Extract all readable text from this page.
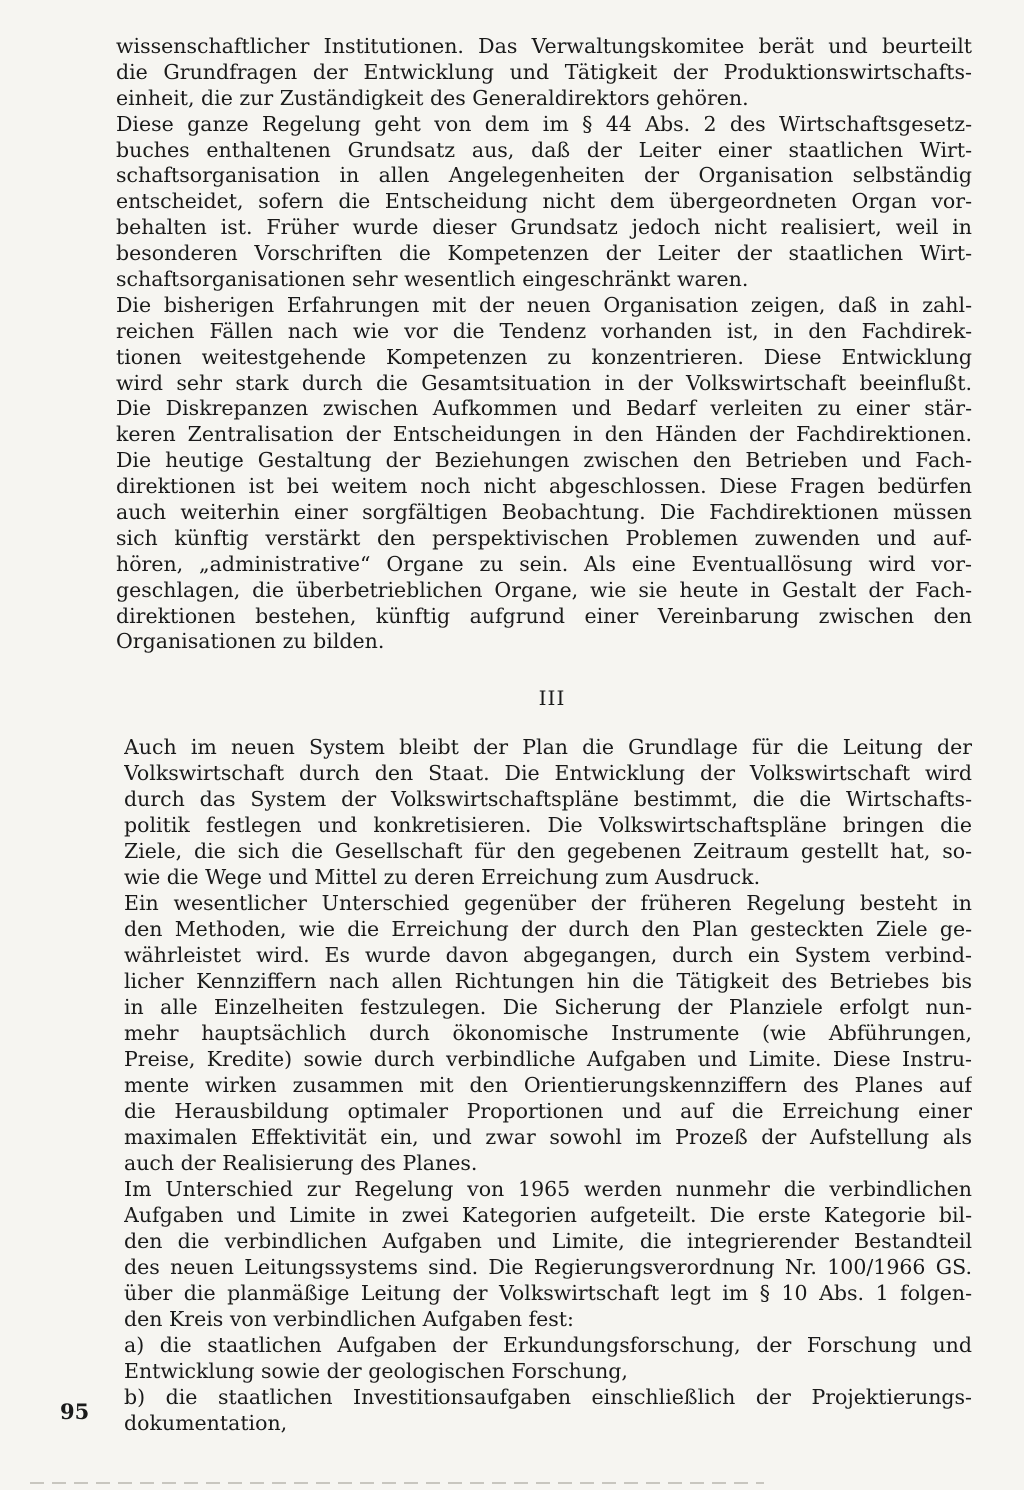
wissenschaftlicher Institutionen. Das Verwaltungskomitee berät und beurteilt
die Grundfragen der Entwicklung und Tätigkeit der Produktionswirtschafts-
einheit, die zur Zuständigkeit des Generaldirektors gehören.
Diese ganze Regelung geht von dem im § 44 Abs. 2 des Wirtschaftsgesetz-
buches enthaltenen Grundsatz aus, daß der Leiter einer staatlichen Wirt-
schaftsorganisation in allen Angelegenheiten der Organisation selbständig
entscheidet, sofern die Entscheidung nicht dem übergeordneten Organ vor-
behalten ist. Früher wurde dieser Grundsatz jedoch nicht realisiert, weil in
besonderen Vorschriften die Kompetenzen der Leiter der staatlichen Wirt-
schaftsorganisationen sehr wesentlich eingeschränkt waren.
Die bisherigen Erfahrungen mit der neuen Organisation zeigen, daß in zahl-
reichen Fällen nach wie vor die Tendenz vorhanden ist, in den Fachdirek-
tionen weitestgehende Kompetenzen zu konzentrieren. Diese Entwicklung
wird sehr stark durch die Gesamtsituation in der Volkswirtschaft beeinflußt.
Die Diskrepanzen zwischen Aufkommen und Bedarf verleiten zu einer stär-
keren Zentralisation der Entscheidungen in den Händen der Fachdirektionen.
Die heutige Gestaltung der Beziehungen zwischen den Betrieben und Fach-
direktionen ist bei weitem noch nicht abgeschlossen. Diese Fragen bedürfen
auch weiterhin einer sorgfältigen Beobachtung. Die Fachdirektionen müssen
sich künftig verstärkt den perspektivischen Problemen zuwenden und auf-
hören, „administrative“ Organe zu sein. Als eine Eventuallösung wird vor-
geschlagen, die überbetrieblichen Organe, wie sie heute in Gestalt der Fach-
direktionen bestehen, künftig aufgrund einer Vereinbarung zwischen den
Organisationen zu bilden.
III
Auch im neuen System bleibt der Plan die Grundlage für die Leitung der
Volkswirtschaft durch den Staat. Die Entwicklung der Volkswirtschaft wird
durch das System der Volkswirtschaftspläne bestimmt, die die Wirtschafts-
politik festlegen und konkretisieren. Die Volkswirtschaftspläne bringen die
Ziele, die sich die Gesellschaft für den gegebenen Zeitraum gestellt hat, so-
wie die Wege und Mittel zu deren Erreichung zum Ausdruck.
Ein wesentlicher Unterschied gegenüber der früheren Regelung besteht in
den Methoden, wie die Erreichung der durch den Plan gesteckten Ziele ge-
währleistet wird. Es wurde davon abgegangen, durch ein System verbind-
licher Kennziffern nach allen Richtungen hin die Tätigkeit des Betriebes bis
in alle Einzelheiten festzulegen. Die Sicherung der Planziele erfolgt nun-
mehr hauptsächlich durch ökonomische Instrumente (wie Abführungen,
Preise, Kredite) sowie durch verbindliche Aufgaben und Limite. Diese Instru-
mente wirken zusammen mit den Orientierungskennziffern des Planes auf
die Herausbildung optimaler Proportionen und auf die Erreichung einer
maximalen Effektivität ein, und zwar sowohl im Prozeß der Aufstellung als
auch der Realisierung des Planes.
Im Unterschied zur Regelung von 1965 werden nunmehr die verbindlichen
Aufgaben und Limite in zwei Kategorien aufgeteilt. Die erste Kategorie bil-
den die verbindlichen Aufgaben und Limite, die integrierender Bestandteil
des neuen Leitungssystems sind. Die Regierungsverordnung Nr. 100/1966 GS.
über die planmäßige Leitung der Volkswirtschaft legt im § 10 Abs. 1 folgen-
den Kreis von verbindlichen Aufgaben fest:
a) die staatlichen Aufgaben der Erkundungsforschung, der Forschung und
Entwicklung sowie der geologischen Forschung,
b) die staatlichen Investitionsaufgaben einschließlich der Projektierungs-
dokumentation,
95
